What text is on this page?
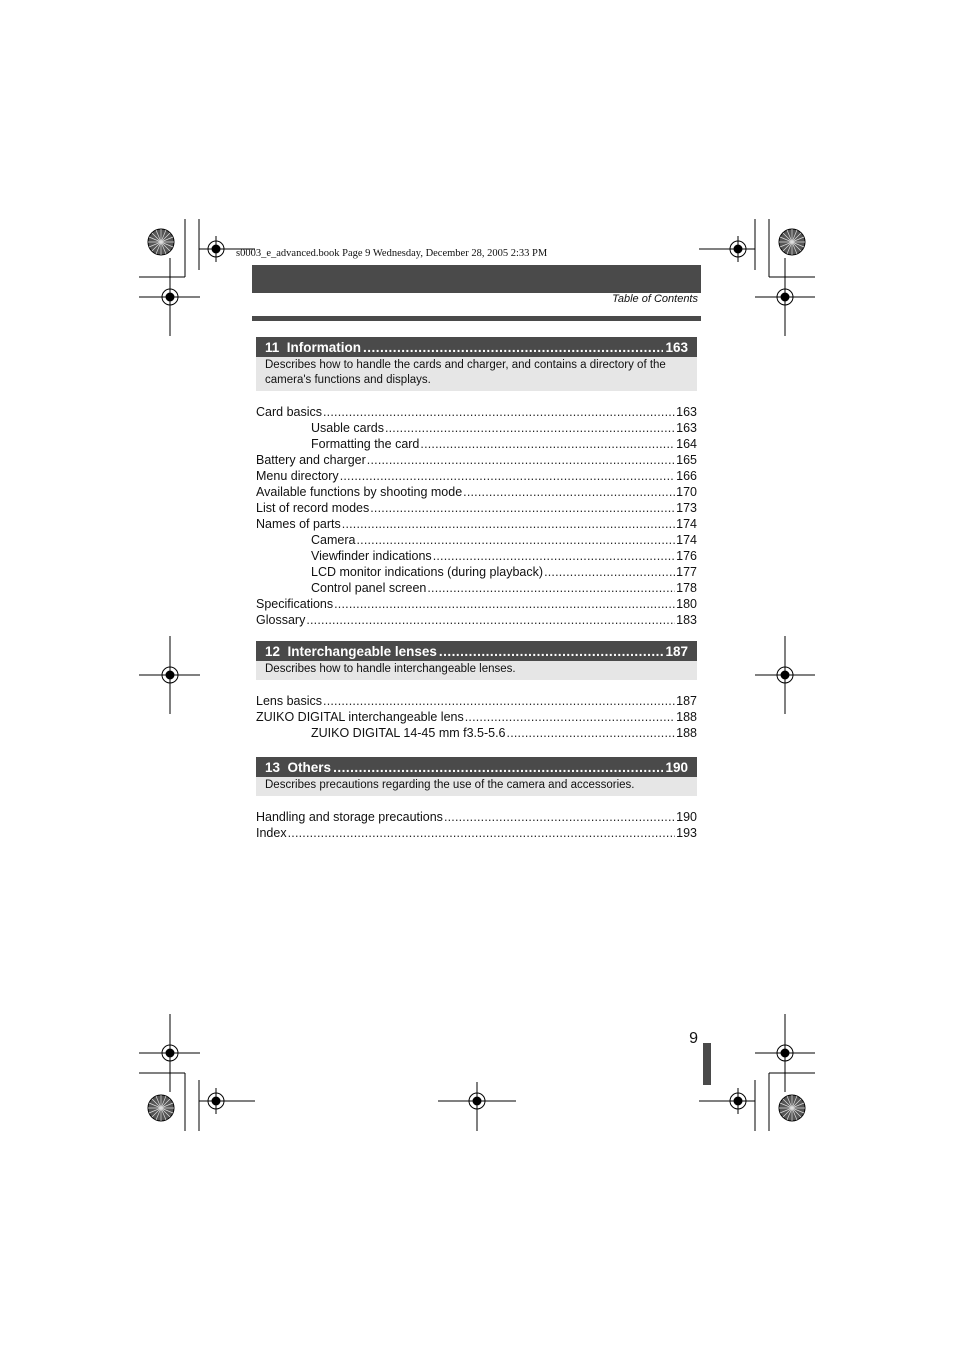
s0003_e_advanced.book Page 9 Wednesday, December 28, 2005 2:33 PM
Table of Contents
11 Information .....	163
Describes how to handle the cards and charger, and contains a directory of the camera's functions and displays.
Card basics .....	163
Usable cards .....	163
Formatting the card .....	164
Battery and charger .....	165
Menu directory .....	166
Available functions by shooting mode .....	170
List of record modes .....	173
Names of parts .....	174
Camera .....	174
Viewfinder indications .....	176
LCD monitor indications (during playback) .....	177
Control panel screen .....	178
Specifications .....	180
Glossary .....	183
12 Interchangeable lenses .....	187
Describes how to handle interchangeable lenses.
Lens basics .....	187
ZUIKO DIGITAL interchangeable lens .....	188
ZUIKO DIGITAL 14-45 mm f3.5-5.6 .....	188
13 Others .....	190
Describes precautions regarding the use of the camera and accessories.
Handling and storage precautions .....	190
Index .....	193
9
